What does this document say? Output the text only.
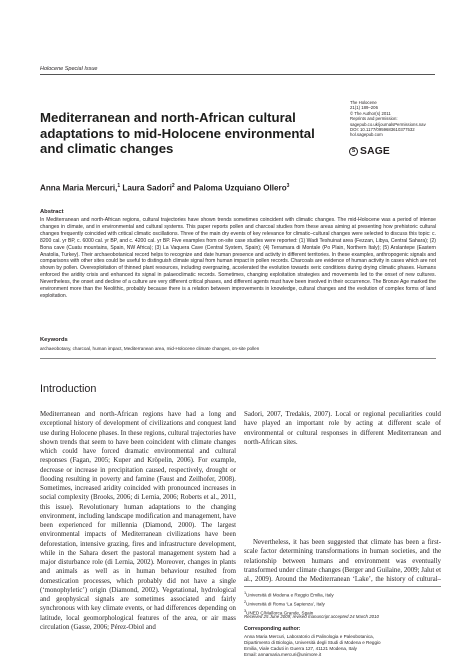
Holocene Special Issue
Mediterranean and north-African cultural adaptations to mid-Holocene environmental and climatic changes
The Holocene
21(1) 189–206
© The Author(s) 2011
Reprints and permission:
sagepub.co.uk/journalsPermissions.nav
DOI: 10.1177/0959683610377532
hol.sagepub.com
S SAGE
Anna Maria Mercuri,$^1$ Laura Sadori$^2$ and Paloma Uzquiano Ollero$^3$
Abstract
In Mediterranean and north-African regions, cultural trajectories have shown trends sometimes coincident with climatic changes. The mid-Holocene was a period of intense changes in climate, and in environmental and cultural systems. This paper reports pollen and charcoal studies from these areas aiming at presenting how prehistoric cultural changes frequently coincided with critical climatic oscillations. Three of the main dry events of key relevance for climatic–cultural changes were selected to discuss this topic: c. 8200 cal. yr BP, c. 6000 cal. yr BP, and c. 4200 cal. yr BP. Five examples from on-site case studies were reported: (1) Wadi Teshuinat area (Fezzan, Libya, Central Sahara); (2) Bona cave (Cuatu mountains, Spain, NW Africa); (3) La Vaquera Cave (Central System, Spain); (4) Terramara di Montale (Po Plain, Northern Italy); (5) Arslantepe (Eastern Anatolia, Turkey). Their archaeobotanical record helps to recognize and date human presence and activity in different territories. In these examples, anthropogenic signals and comparisons with other sites could be useful to distinguish climate signal from human impact in pollen records. Charcoals are evidence of human activity in cases which are not shown by pollen. Overexploitation of thinned plant resources, including overgrazing, accelerated the evolution towards xeric conditions during drying climatic phases. Humans enforced the aridity crisis and enhanced its signal in palaeoclimatic records. Sometimes, changing exploitation strategies and movements led to the onset of new cultures. Nevertheless, the onset and decline of a culture are very different critical phases, and different agents must have been involved in their occurrence. The Bronze Age marked the environment more than the Neolithic, probably because there is a relation between improvements in knowledge, cultural changes and the evolution of complex forms of land exploitation.
Keywords
archaeobotany, charcoal, human impact, Mediterranean area, mid-Holocene climate changes, on-site pollen
Introduction

Mediterranean and north-African regions have had a long and exceptional history of development of civilizations and conquest land use during Holocene phases. In these regions, cultural trajectories have shown trends that seem to have been coincident with climate changes which could have forced dramatic environmental and cultural responses (Fagan, 2005; Kuper and Kröpelin, 2006). For example, decrease or increase in precipitation caused, respectively, drought or flooding resulting in poverty and famine (Faust and Zeilhofer, 2008). Sometimes, increased aridity coincided with pronounced increases in social complexity (Brooks, 2006; di Lernia, 2006; Roberts et al., 2011, this issue). Revolutionary human adaptations to the changing environment, including landscape modification and management, have been experienced for millennia (Diamond, 2000). The largest environmental impacts of Mediterranean civilizations have been deforestation, intensive grazing, fires and infrastructure development, while in the Sahara desert the pastoral management system had a major disturbance role (di Lernia, 2002). Moreover, changes in plants and animals as well as in human behaviour resulted from domestication processes, which probably did not have a single (‘monophyletic’) origin (Diamond, 2002). Vegetational, hydrological and geophysical signals are sometimes associated and fairly synchronous with key climate events, or had differences depending on latitude, local geomorphological features of the area, or air mass circulation (Gasse, 2006; Pérez-Obiol and

Sadori, 2007, Tredakis, 2007). Local or regional peculiarities could have played an important role by acting at different scale of environmental or cultural responses in different Mediterranean and north-African sites.

Nevertheless, it has been suggested that climate has been a first-scale factor determining transformations in human societies, and the relationship between humans and environment was eventually transformed under climate changes (Berger and Guilaine, 2009; Jalut et al., 2009). Around the Mediterranean ‘Lake’, the history of cultural–
$^1$Università di Modena e Reggio Emilia, Italy
$^2$Università di Roma ‘La Sapienza’, Italy
$^3$UNED C/Mallorca Grande, Spain
Received 25 June 2009; revised manuscript accepted 24 March 2010
Corresponding author:
Anna Maria Mercuri, Laboratorio di Palinologia e Paleobotanica,
Dipartimento di Biologia, Università degli Studi di Modena e Reggio
Emilia, Viale Caduti in Guerra 127, 41121 Modena, Italy
Email: annamaria.mercuri@unimore.it
